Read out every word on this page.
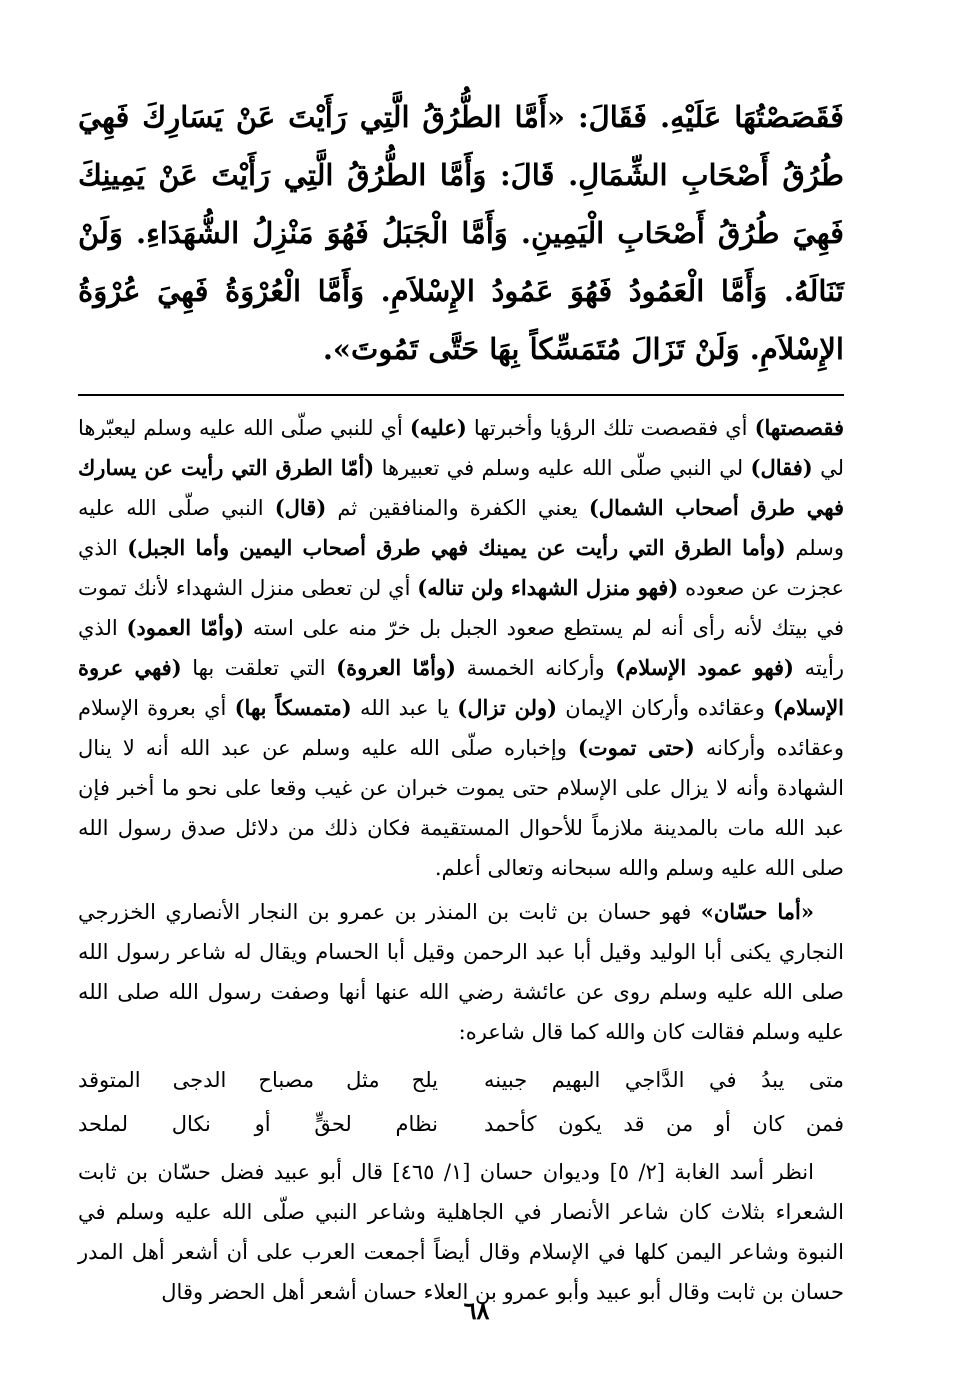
فَقَصَصْتُهَا عَلَيْهِ. فَقَالَ: «أَمَّا الطُّرُقُ الَّتِي رَأَيْتَ عَنْ يَسَارِكَ فَهِيَ طُرُقُ أَصْحَابِ الشِّمَالِ. قَالَ: وَأَمَّا الطُّرُقُ الَّتِي رَأَيْتَ عَنْ يَمِينِكَ فَهِيَ طُرُقُ أَصْحَابِ الْيَمِينِ. وَأَمَّا الْجَبَلُ فَهُوَ مَنْزِلُ الشُّهَدَاءِ. وَلَنْ تَنَالَهُ. وَأَمَّا الْعَمُودُ فَهُوَ عَمُودُ الإِسْلاَمِ. وَأَمَّا الْعُرْوَةُ فَهِيَ عُرْوَةُ الإِسْلاَمِ. وَلَنْ تَزَالَ مُتَمَسِّكاً بِهَا حَتَّى تَمُوتَ».

فقصصتها) أي فقصصت تلك الرؤيا وأخبرتها (عليه) أي للنبي صلّى الله عليه وسلم ليعبّرها لي (فقال) لي النبي صلّى الله عليه وسلم في تعبيرها (أمّا الطرق التي رأيت عن يسارك فهي طرق أصحاب الشمال) يعني الكفرة والمنافقين ثم (قال) النبي صلّى الله عليه وسلم (وأما الطرق التي رأيت عن يمينك فهي طرق أصحاب اليمين وأما الجبل) الذي عجزت عن صعوده (فهو منزل الشهداء ولن تناله) أي لن تعطى منزل الشهداء لأنك تموت في بيتك لأنه رأى أنه لم يستطع صعود الجبل بل خرّ منه على استه (وأمّا العمود) الذي رأيته (فهو عمود الإسلام) وأركانه الخمسة (وأمّا العروة) التي تعلقت بها (فهي عروة الإسلام) وعقائده وأركان الإيمان (ولن تزال) يا عبد الله (متمسكاً بها) أي بعروة الإسلام وعقائده وأركانه (حتى تموت) وإخباره صلّى الله عليه وسلم عن عبد الله أنه لا ينال الشهادة وأنه لا يزال على الإسلام حتى يموت خبران عن غيب وقعا على نحو ما أخبر فإن عبد الله مات بالمدينة ملازماً للأحوال المستقيمة فكان ذلك من دلائل صدق رسول الله صلى الله عليه وسلم والله سبحانه وتعالى أعلم.

«أما حسّان» فهو حسان بن ثابت بن المنذر بن عمرو بن النجار الأنصاري الخزرجي النجاري يكنى أبا الوليد وقيل أبا عبد الرحمن وقيل أبا الحسام ويقال له شاعر رسول الله صلى الله عليه وسلم روى عن عائشة رضي الله عنها أنها وصفت رسول الله صلى الله عليه وسلم فقالت كان والله كما قال شاعره:

متى يبدُ في الدَّاجي البهيم جبينه
يلح مثل مصباح الدجى المتوقد
فمن كان أو من قد يكون كأحمد
نظام لحقٍّ أو نكال لملحد

انظر أسد الغابة [٢/ ٥] وديوان حسان [١/ ٤٦٥] قال أبو عبيد فضل حسّان بن ثابت الشعراء بثلاث كان شاعر الأنصار في الجاهلية وشاعر النبي صلّى الله عليه وسلم في النبوة وشاعر اليمن كلها في الإسلام وقال أيضاً أجمعت العرب على أن أشعر أهل المدر حسان بن ثابت وقال أبو عبيد وأبو عمرو بن العلاء حسان أشعر أهل الحضر وقال

٦٨
